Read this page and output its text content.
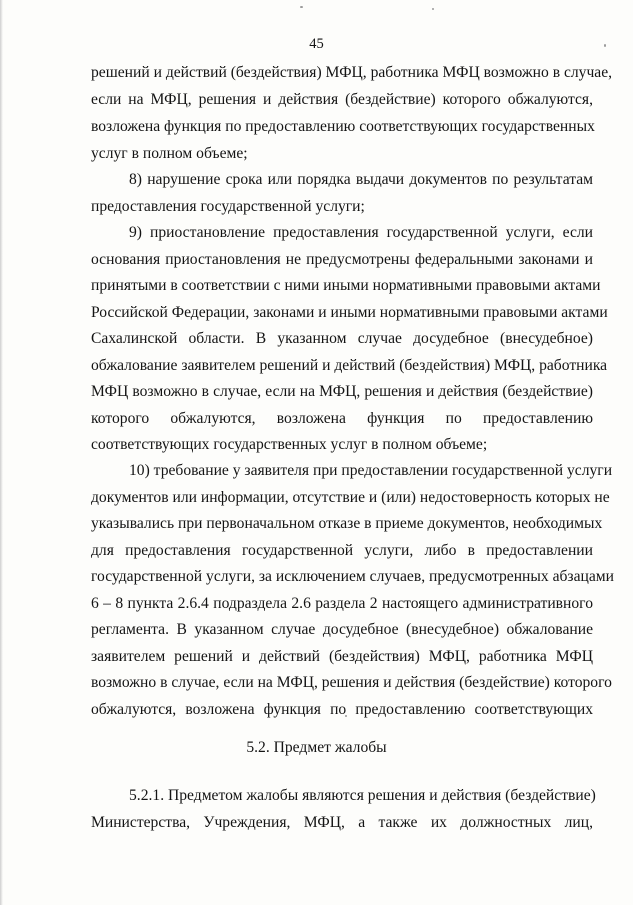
45
решений и действий (бездействия) МФЦ, работника МФЦ возможно в случае,
если на МФЦ, решения и действия (бездействие) которого обжалуются,
возложена функция по предоставлению соответствующих государственных
услуг в полном объеме;
8) нарушение срока или порядка выдачи документов по результатам
предоставления государственной услуги;
9) приостановление предоставления государственной услуги, если
основания приостановления не предусмотрены федеральными законами и
принятыми в соответствии с ними иными нормативными правовыми актами
Российской Федерации, законами и иными нормативными правовыми актами
Сахалинской области. В указанном случае досудебное (внесудебное)
обжалование заявителем решений и действий (бездействия) МФЦ, работника
МФЦ возможно в случае, если на МФЦ, решения и действия (бездействие)
которого обжалуются, возложена функция по предоставлению
соответствующих государственных услуг в полном объеме;
10) требование у заявителя при предоставлении государственной услуги
документов или информации, отсутствие и (или) недостоверность которых не
указывались при первоначальном отказе в приеме документов, необходимых
для предоставления государственной услуги, либо в предоставлении
государственной услуги, за исключением случаев, предусмотренных абзацами
6 – 8 пункта 2.6.4 подраздела 2.6 раздела 2 настоящего административного
регламента. В указанном случае досудебное (внесудебное) обжалование
заявителем решений и действий (бездействия) МФЦ, работника МФЦ
возможно в случае, если на МФЦ, решения и действия (бездействие) которого
обжалуются, возложена функция по предоставлению соответствующих
5.2. Предмет жалобы
5.2.1. Предметом жалобы являются решения и действия (бездействие)
Министерства, Учреждения, МФЦ, а также их должностных лиц,
